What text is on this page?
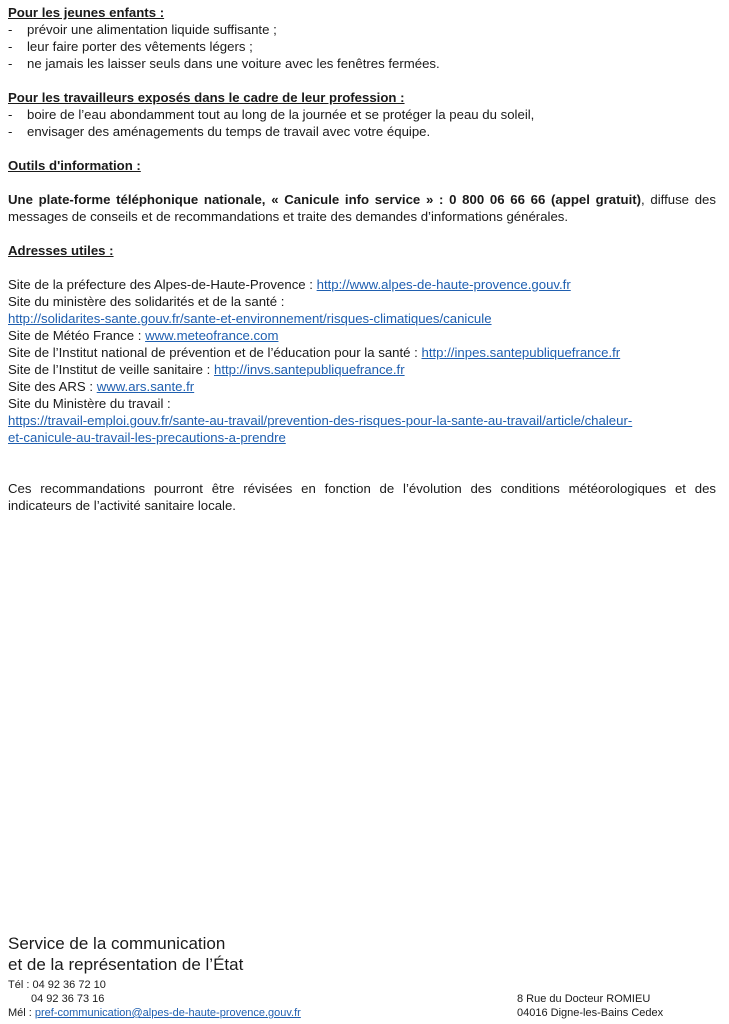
Pour les jeunes enfants :

- prévoir une alimentation liquide suffisante ;
- leur faire porter des vêtements légers ;
- ne jamais les laisser seuls dans une voiture avec les fenêtres fermées.

Pour les travailleurs exposés dans le cadre de leur profession :

- boire de l’eau abondamment tout au long de la journée et se protéger la peau du soleil,
- envisager des aménagements du temps de travail avec votre équipe.

Outils d'information :

Une plate-forme téléphonique nationale, « Canicule info service » : 0 800 06 66 66 (appel gratuit), diffuse des messages de conseils et de recommandations et traite des demandes d’informations générales.

Adresses utiles :

Site de la préfecture des Alpes-de-Haute-Provence : http://www.alpes-de-haute-provence.gouv.fr
Site du ministère des solidarités et de la santé :
http://solidarites-sante.gouv.fr/sante-et-environnement/risques-climatiques/canicule
Site de Météo France : www.meteofrance.com
Site de l’Institut national de prévention et de l’éducation pour la santé : http://inpes.santepubliquefrance.fr
Site de l’Institut de veille sanitaire : http://invs.santepubliquefrance.fr
Site des ARS : www.ars.sante.fr
Site du Ministère du travail :
https://travail-emploi.gouv.fr/sante-au-travail/prevention-des-risques-pour-la-sante-au-travail/article/chaleur-
et-canicule-au-travail-les-precautions-a-prendre

Ces recommandations pourront être révisées en fonction de l’évolution des conditions météorologiques et des indicateurs de l’activité sanitaire locale.

Service de la communication
et de la représentation de l’État
Tél : 04 92 36 72 10
04 92 36 73 16
Mél : pref-communication@alpes-de-haute-provence.gouv.fr
8 Rue du Docteur ROMIEU
04016 Digne-les-Bains Cedex
